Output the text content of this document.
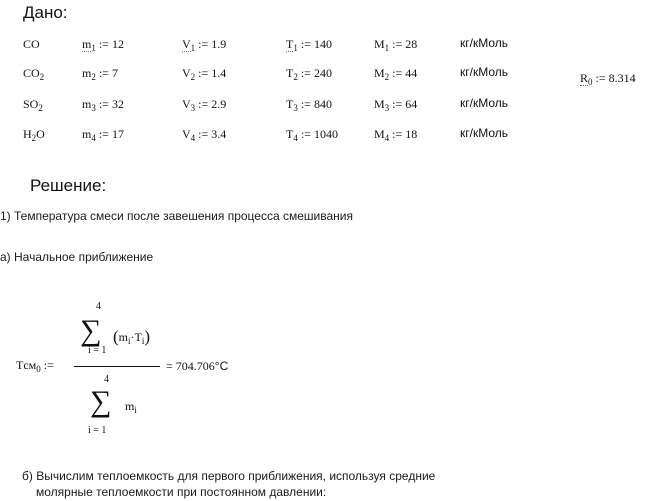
Дано:
CO	$m_1$ := 12	$V_1$ := 1.9	$T_1$ := 140	$M_1$ := 28	кг/кМоль
$CO_2$	$m_2$ := 7	$V_2$ := 1.4	$T_2$ := 240	$M_2$ := 44	кг/кМоль
$SO_2$	$m_3$ := 32	$V_3$ := 2.9	$T_3$ := 840	$M_3$ := 64	кг/кМоль
$H_2O$	$m_4$ := 17	$V_4$ := 3.4	$T_4$ := 1040	$M_4$ := 18	кг/кМоль
$R_0$ := 8.314
Решение:
1) Температура смеси после завешения процесса смешивания
а) Начальное приближение
Tсм$_0$ :=
4
∑
i = 1
$(m_i\cdot T_i)$
4
∑
i = 1
$m_i$
= 704.706°C
б) Вычислим теплоемкость для первого приближения, используя средние
молярные теплоемкости при постоянном давлении:
